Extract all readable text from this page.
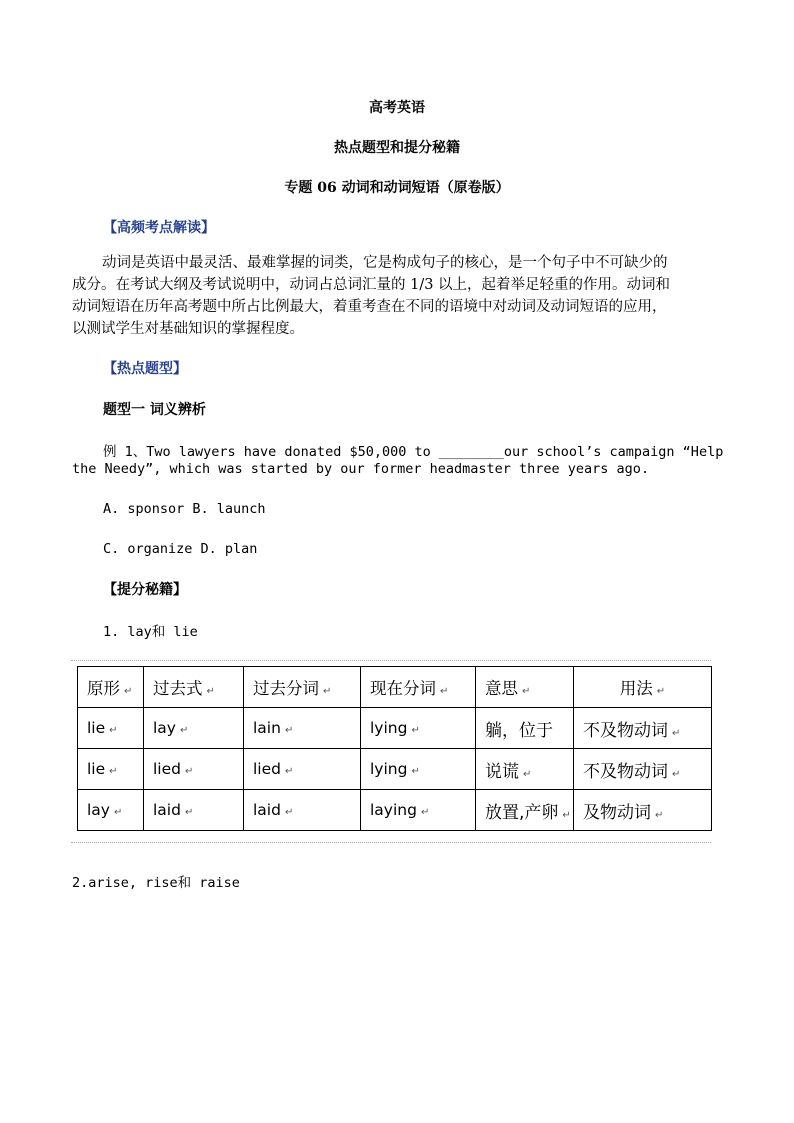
高考英语
热点题型和提分秘籍
专题 06 动词和动词短语（原卷版）
【高频考点解读】
动词是英语中最灵活、最难掌握的词类，它是构成句子的核心，是一个句子中不可缺少的
成分。在考试大纲及考试说明中，动词占总词汇量的 1/3 以上，起着举足轻重的作用。动词和
动词短语在历年高考题中所占比例最大，着重考查在不同的语境中对动词及动词短语的应用，
以测试学生对基础知识的掌握程度。
【热点题型】
题型一 词义辨析
例 1、Two lawyers have donated $50,000 to ________our school’s campaign “Help
the Needy”, which was started by our former headmaster three years ago.
A. sponsor B. launch
C. organize D. plan
【提分秘籍】
1. lay和 lie
原形 ↵	过去式 ↵	过去分词 ↵	现在分词 ↵	意思 ↵	用法 ↵
lie ↵	lay ↵	lain ↵	lying ↵	躺，位于	不及物动词 ↵
lie ↵	lied ↵	lied ↵	lying ↵	说谎 ↵	不及物动词 ↵
lay ↵	laid ↵	laid ↵	laying ↵	放置,产卵 ↵	及物动词 ↵
2.arise, rise和 raise
